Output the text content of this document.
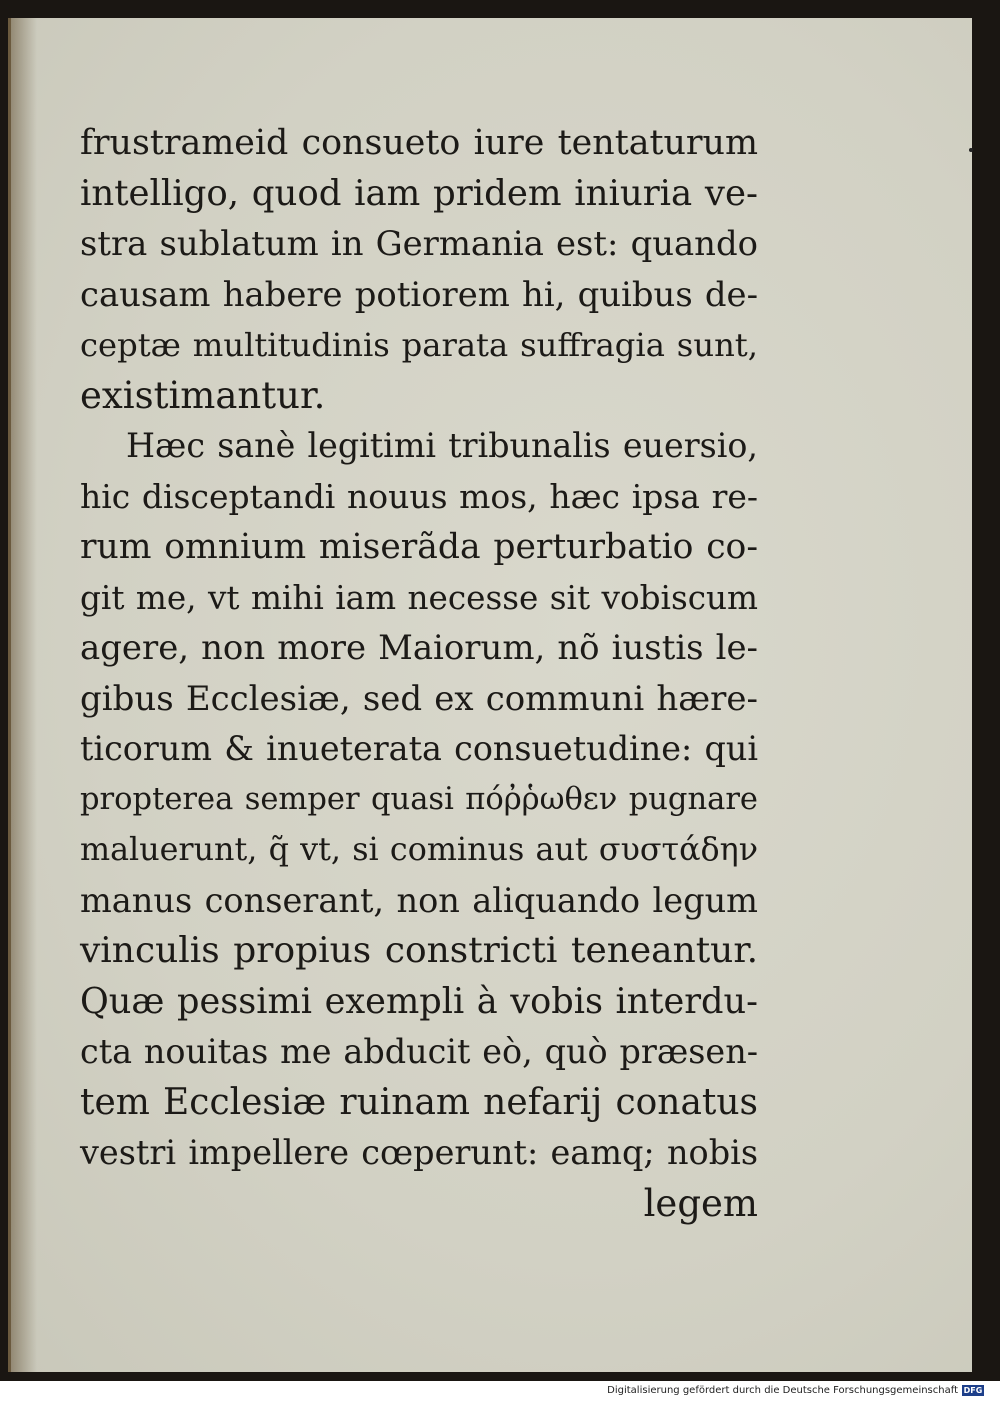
frustrameid consueto iure tentaturum
intelligo, quod iam pridem iniuria ve-
stra sublatum in Germania est: quando
causam habere potiorem hi, quibus de-
ceptæ multitudinis parata suffragia sunt,
existimantur.
Hæc sanè legitimi tribunalis euersio,
hic disceptandi nouus mos, hæc ipsa re-
rum omnium miserãda perturbatio co-
git me, vt mihi iam necesse sit vobiscum
agere, non more Maiorum, nõ iustis le-
gibus Ecclesiæ, sed ex communi hære-
ticorum & inueterata consuetudine: qui
propterea semper quasi πόῤῥωθεν pugnare
maluerunt, q̃ vt, si cominus aut συστάδην
manus conserant, non aliquando legum
vinculis propius constricti teneantur.
Quæ pessimi exempli à vobis interdu-
cta nouitas me abducit eò, quò præsen-
tem Ecclesiæ ruinam nefarij conatus
vestri impellere cœperunt: eamq; nobis
legem
Digitalisierung gefördert durch die Deutsche Forschungsgemeinschaft DFG
